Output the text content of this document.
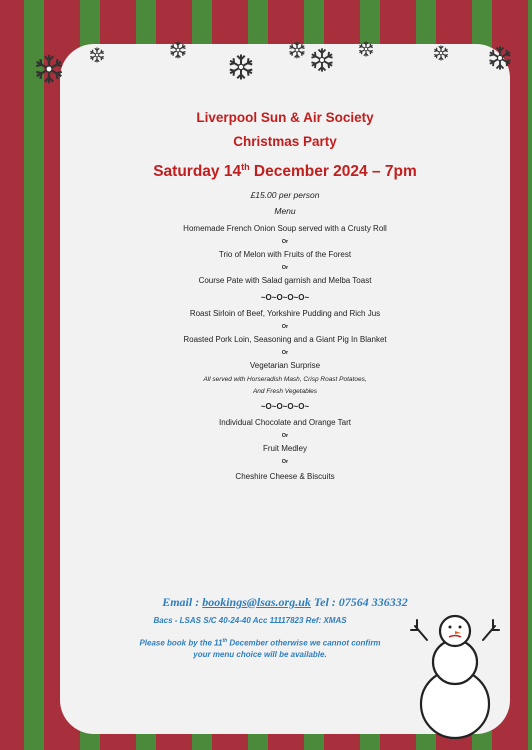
Liverpool Sun & Air Society
Christmas Party
Saturday 14th December 2024 – 7pm
£15.00 per person
Menu
Homemade French Onion Soup served with a Crusty Roll
Or
Trio of Melon with Fruits of the Forest
Or
Course Pate with Salad garnish and Melba Toast
~O~O~O~O~
Roast Sirloin of Beef, Yorkshire Pudding and Rich Jus
Or
Roasted Pork Loin, Seasoning and a Giant Pig In Blanket
Or
Vegetarian Surprise
All served with Horseradish Mash, Crisp Roast Potatoes,
And Fresh Vegetables
~O~O~O~O~
Individual Chocolate and Orange Tart
Or
Fruit Medley
Or
Cheshire Cheese & Biscuits
Email : bookings@lsas.org.uk Tel : 07564 336332
Bacs - LSAS S/C 40-24-40 Acc 11117823 Ref: XMAS
Please book by the 11th December otherwise we cannot confirm
your menu choice will be available.
